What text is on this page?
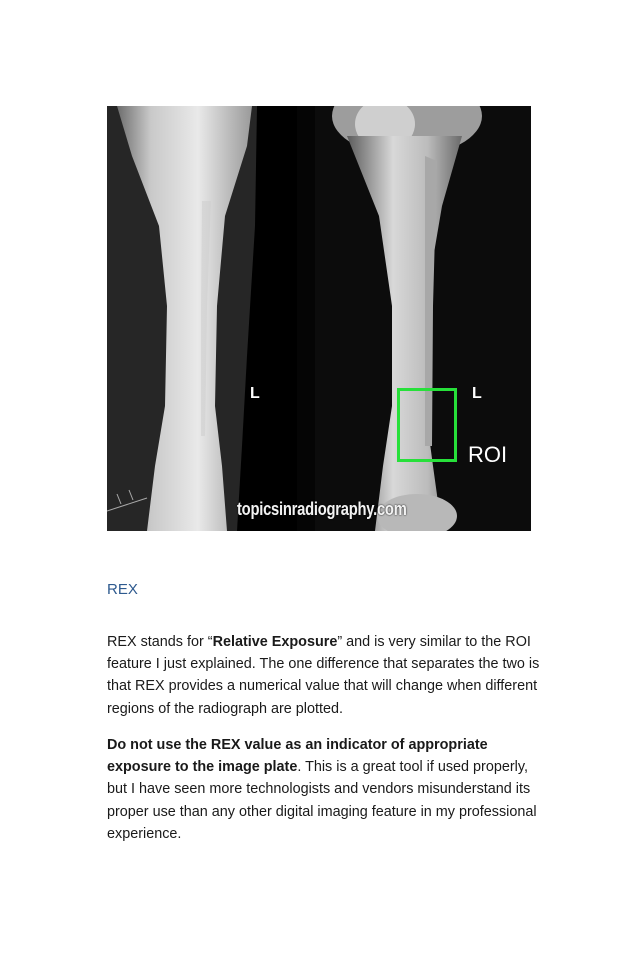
L	L
ROI
topicsinradiography.com
REX

REX stands for “Relative Exposure” and is very similar to the ROI feature I just explained. The one difference that separates the two is that REX provides a numerical value that will change when different regions of the radiograph are plotted.

Do not use the REX value as an indicator of appropriate exposure to the image plate. This is a great tool if used properly, but I have seen more technologists and vendors misunderstand its proper use than any other digital imaging feature in my professional experience.
